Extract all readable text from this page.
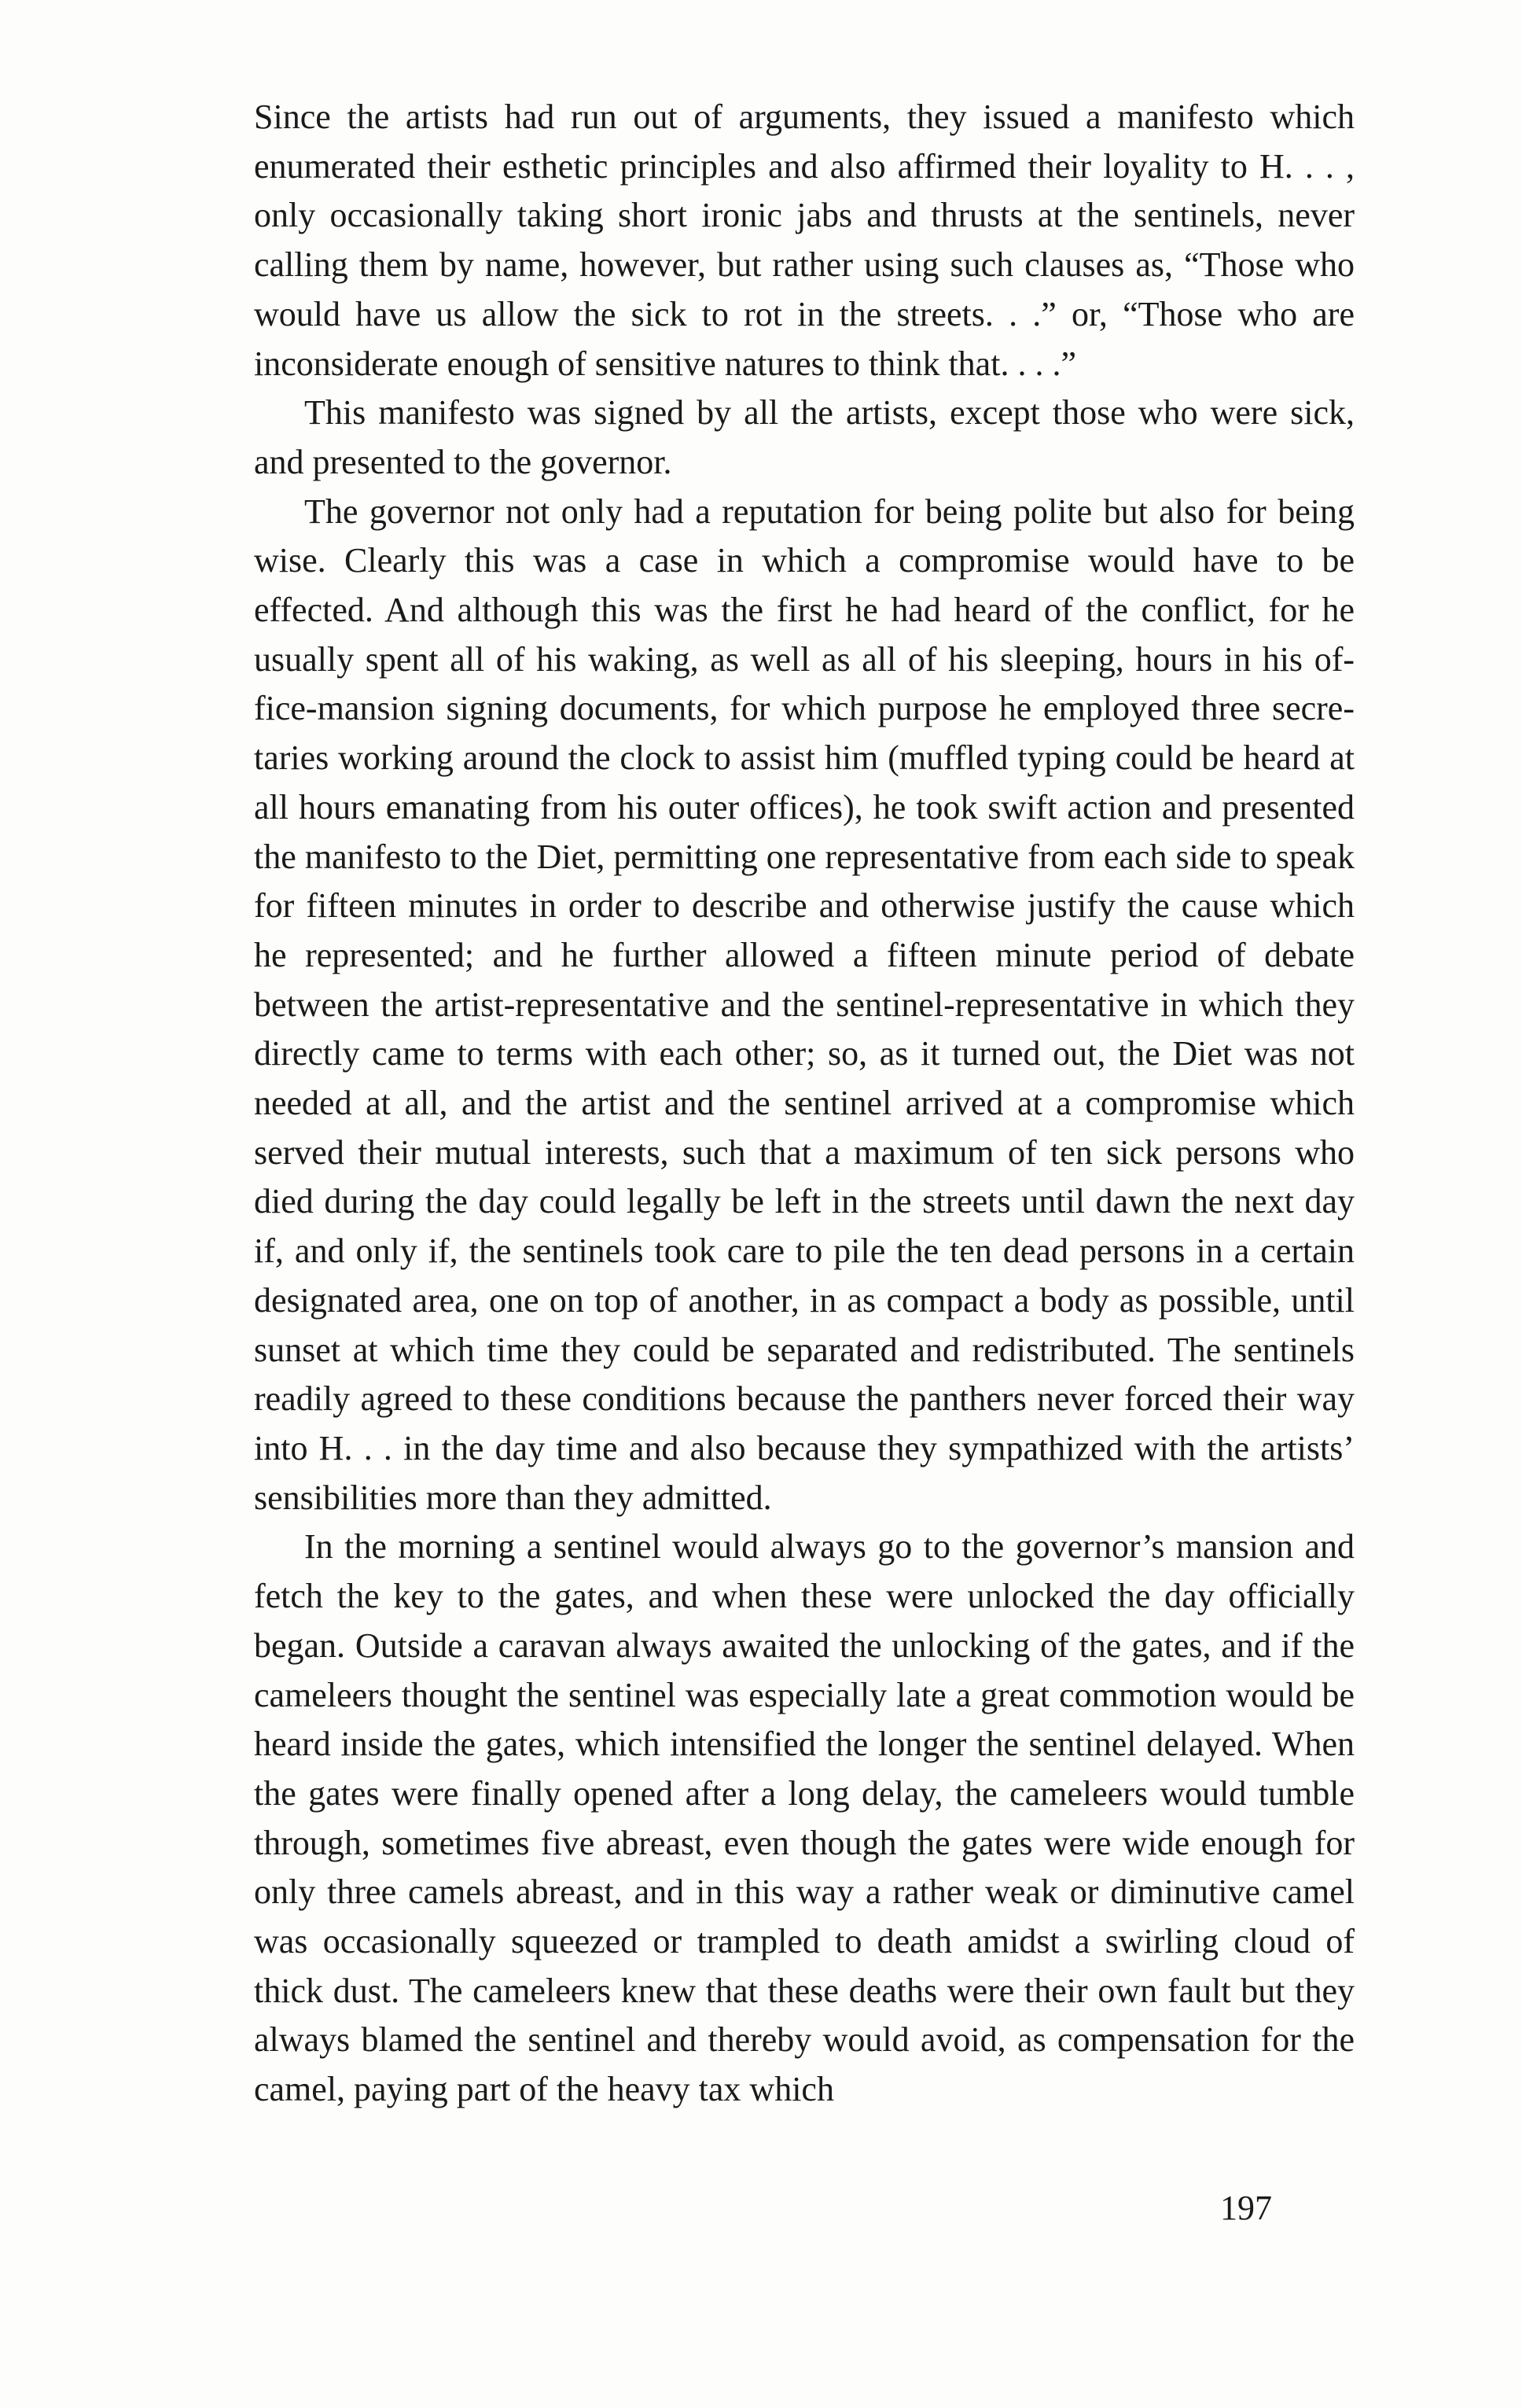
Since the artists had run out of arguments, they issued a manifesto which enumerated their esthetic principles and also affirmed their loyality to H. . . , only occasionally taking short ironic jabs and thrusts at the sentinels, never calling them by name, however, but rather using such clauses as, “Those who would have us allow the sick to rot in the streets. . .” or, “Those who are inconsiderate enough of sensitive natures to think that. . . .”

This manifesto was signed by all the artists, except those who were sick, and presented to the governor.

The governor not only had a reputation for being polite but also for being wise. Clearly this was a case in which a compromise would have to be effected. And although this was the first he had heard of the conflict, for he usually spent all of his waking, as well as all of his sleeping, hours in his office-mansion signing documents, for which purpose he employed three secretaries working around the clock to assist him (muffled typing could be heard at all hours emanating from his outer offices), he took swift action and presented the manifesto to the Diet, permitting one representative from each side to speak for fifteen minutes in order to describe and otherwise justify the cause which he represented; and he further allowed a fifteen minute period of debate between the artist-representative and the sentinel-representative in which they directly came to terms with each other; so, as it turned out, the Diet was not needed at all, and the artist and the sentinel arrived at a compromise which served their mutual interests, such that a maximum of ten sick persons who died during the day could legally be left in the streets until dawn the next day if, and only if, the sentinels took care to pile the ten dead persons in a certain designated area, one on top of another, in as compact a body as possible, until sunset at which time they could be separated and redistributed. The sentinels readily agreed to these conditions because the panthers never forced their way into H. . . in the day time and also because they sympathized with the artists’ sensibilities more than they admitted.

In the morning a sentinel would always go to the governor’s mansion and fetch the key to the gates, and when these were unlocked the day officially began. Outside a caravan always awaited the unlocking of the gates, and if the cameleers thought the sentinel was especially late a great commotion would be heard inside the gates, which intensified the longer the sentinel delayed. When the gates were finally opened after a long delay, the cameleers would tumble through, sometimes five abreast, even though the gates were wide enough for only three camels abreast, and in this way a rather weak or diminutive camel was occasionally squeezed or trampled to death amidst a swirling cloud of thick dust. The cameleers knew that these deaths were their own fault but they always blamed the sentinel and thereby would avoid, as compensation for the camel, paying part of the heavy tax which

197
